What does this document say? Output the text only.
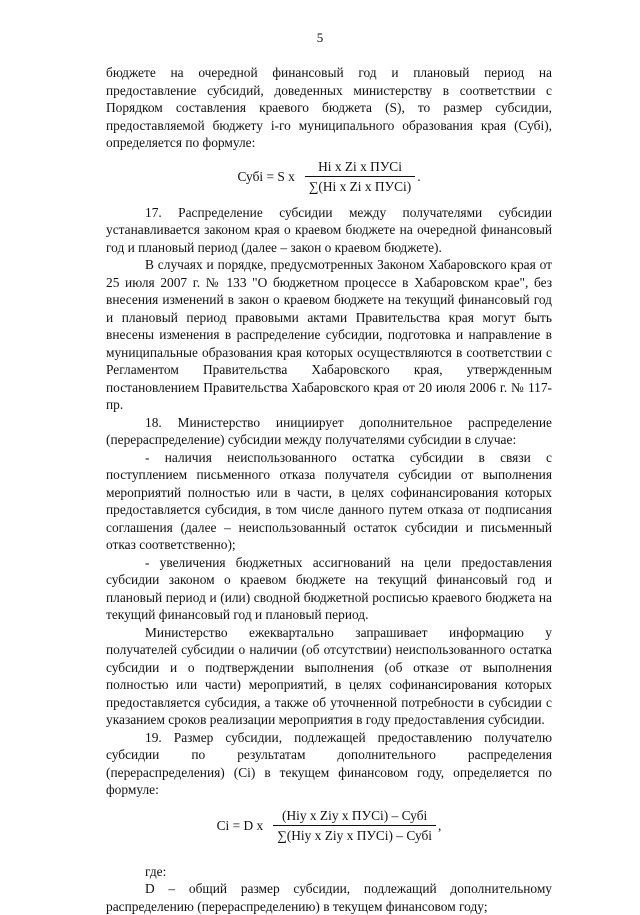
5

бюджете на очередной финансовый год и плановый период на предоставление субсидий, доведенных министерству в соответствии с Порядком составления краевого бюджета (S), то размер субсидии, предоставляемой бюджету i-го муниципального образования края (Субi), определяется по формуле:

Субi = S x $\frac{\text{Hi x Zi x ПУСi}}{\text{∑(Hi x Zi x ПУСi)}}$ .

17. Распределение субсидии между получателями субсидии устанавливается законом края о краевом бюджете на очередной финансовый год и плановый период (далее – закон о краевом бюджете).

В случаях и порядке, предусмотренных Законом Хабаровского края от 25 июля 2007 г. № 133 "О бюджетном процессе в Хабаровском крае", без внесения изменений в закон о краевом бюджете на текущий финансовый год и плановый период правовыми актами Правительства края могут быть внесены изменения в распределение субсидии, подготовка и направление в муниципальные образования края которых осуществляются в соответствии с Регламентом Правительства Хабаровского края, утвержденным постановлением Правительства Хабаровского края от 20 июля 2006 г. № 117-пр.

18. Министерство инициирует дополнительное распределение (перераспределение) субсидии между получателями субсидии в случае:

- наличия неиспользованного остатка субсидии в связи с поступлением письменного отказа получателя субсидии от выполнения мероприятий полностью или в части, в целях софинансирования которых предоставляется субсидия, в том числе данного путем отказа от подписания соглашения (далее – неиспользованный остаток субсидии и письменный отказ соответственно);

- увеличения бюджетных ассигнований на цели предоставления субсидии законом о краевом бюджете на текущий финансовый год и плановый период и (или) сводной бюджетной росписью краевого бюджета на текущий финансовый год и плановый период.

Министерство ежеквартально запрашивает информацию у получателей субсидии о наличии (об отсутствии) неиспользованного остатка субсидии и о подтверждении выполнения (об отказе от выполнения полностью или части) мероприятий, в целях софинансирования которых предоставляется субсидия, а также об уточненной потребности в субсидии с указанием сроков реализации мероприятия в году предоставления субсидии.

19. Размер субсидии, подлежащей предоставлению получателю субсидии по результатам дополнительного распределения (перераспределения) (Ci) в текущем финансовом году, определяется по формуле:

Ci = D x $\frac{\text{(Hiy x Ziy x ПУСi) – Субi}}{\text{∑(Hiy x Ziy x ПУСi) – Субi}}$ ,

где:

D – общий размер субсидии, подлежащий дополнительному распределению (перераспределению) в текущем финансовом году;
